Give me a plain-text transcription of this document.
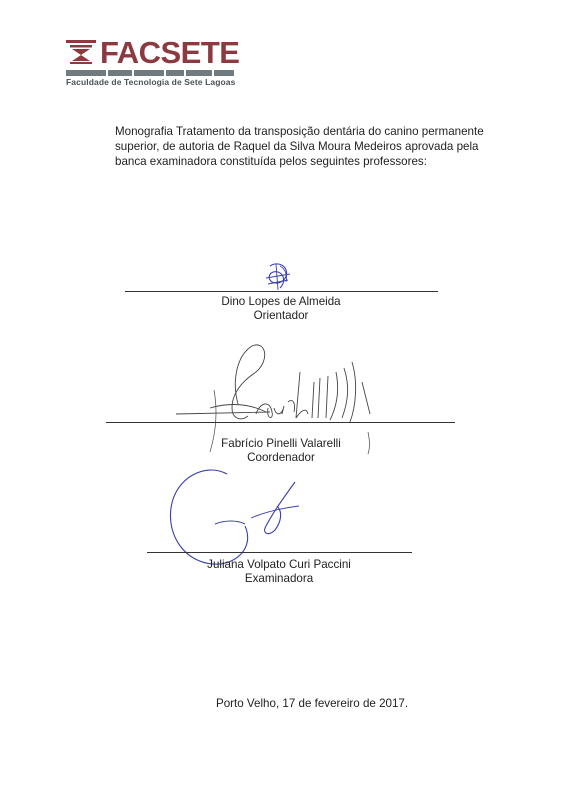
FACSETE
Faculdade de Tecnologia de Sete Lagoas
Monografia Tratamento da transposição dentária do canino permanente superior, de autoria de Raquel da Silva Moura Medeiros aprovada pela banca examinadora constituída pelos seguintes professores:
Dino Lopes de Almeida
Orientador
Fabrício Pinelli Valarelli
Coordenador
Juliana Volpato Curi Paccini
Examinadora
Porto Velho, 17 de fevereiro de 2017.
